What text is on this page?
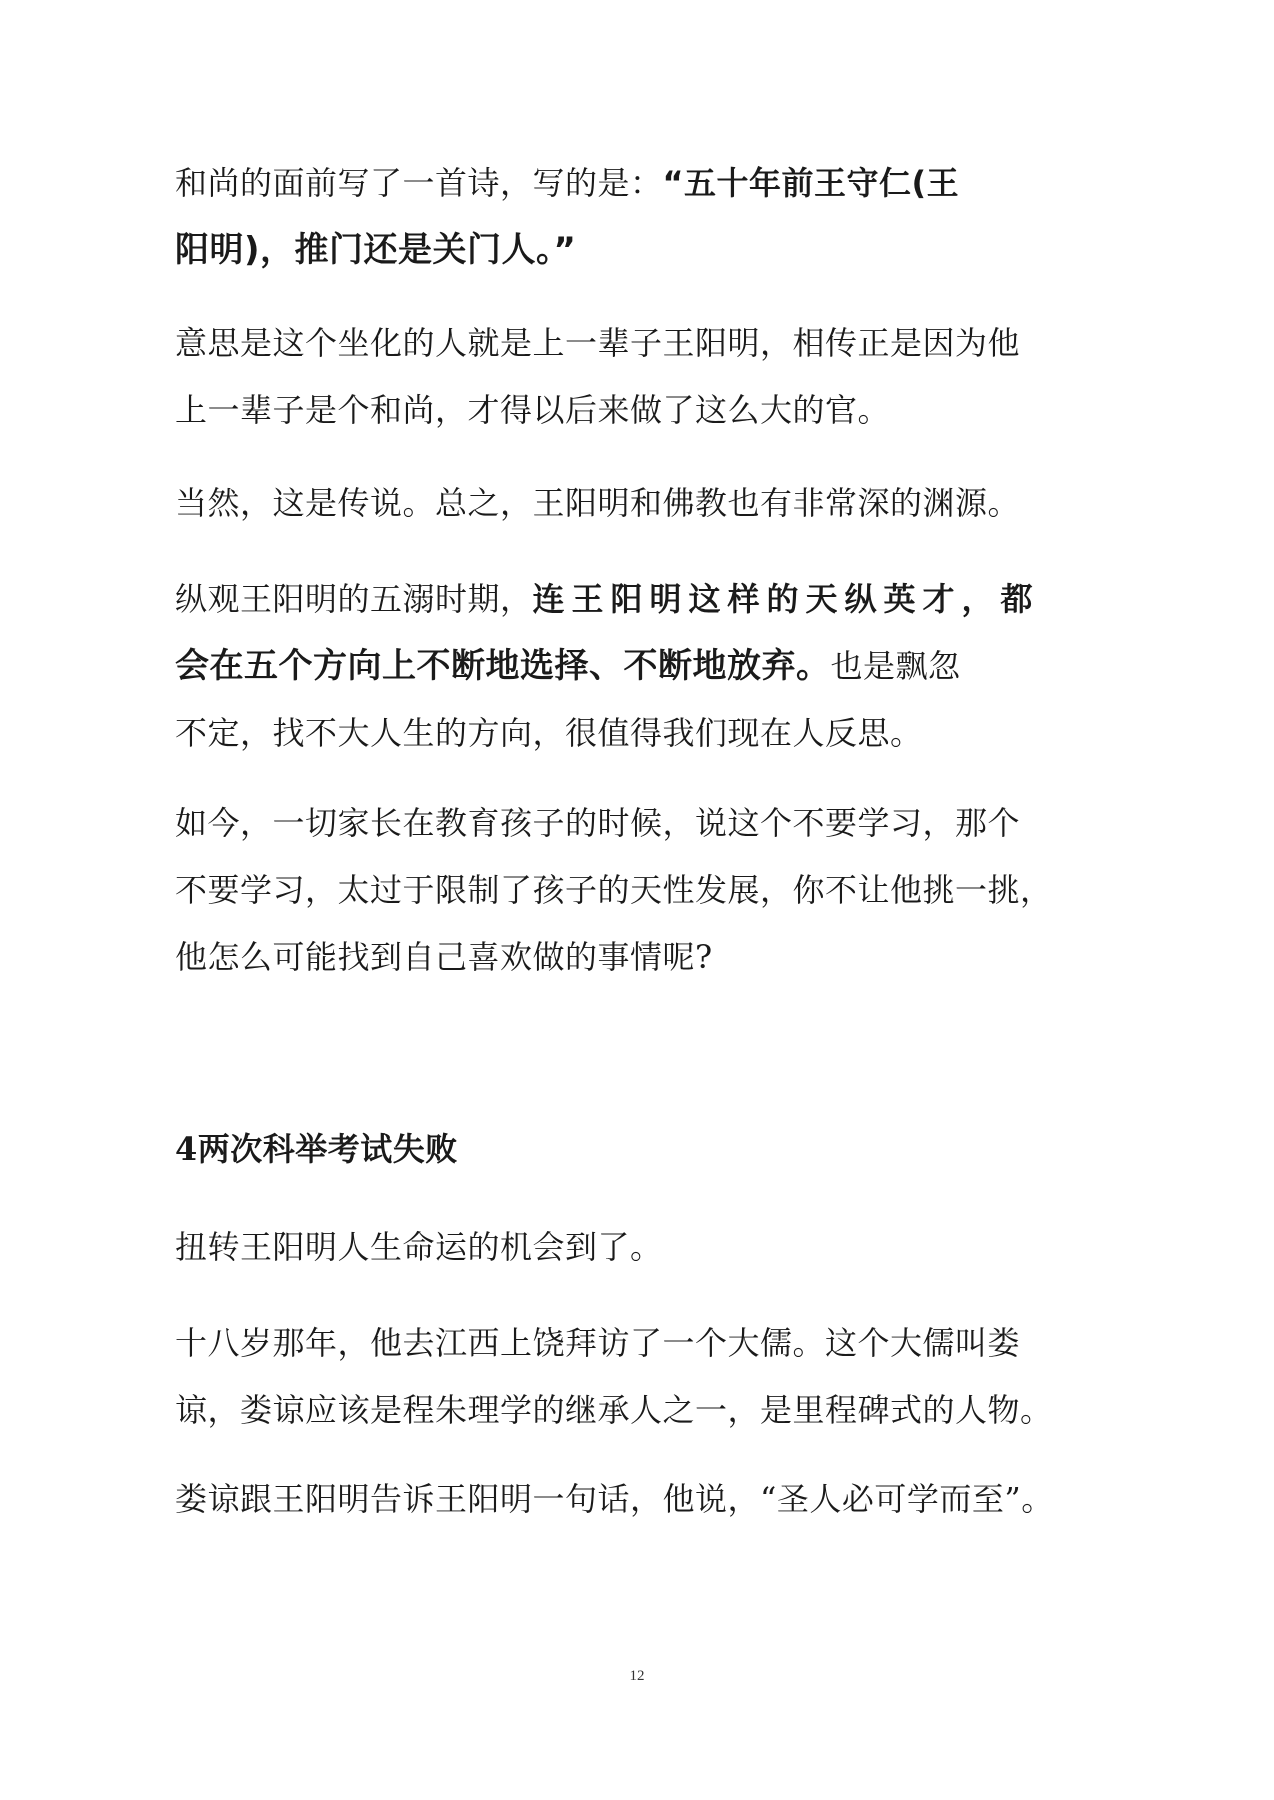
和尚的面前写了一首诗，写的是：“五十年前王守仁(王
阳明)，推门还是关门人。”
意思是这个坐化的人就是上一辈子王阳明，相传正是因为他
上一辈子是个和尚，才得以后来做了这么大的官。
当然，这是传说。总之，王阳明和佛教也有非常深的渊源。
纵观王阳明的五溺时期，连王阳明这样的天纵英才，都
会在五个方向上不断地选择、不断地放弃。也是飘忽
不定，找不大人生的方向，很值得我们现在人反思。
如今，一切家长在教育孩子的时候，说这个不要学习，那个
不要学习，太过于限制了孩子的天性发展，你不让他挑一挑，
他怎么可能找到自己喜欢做的事情呢?
4两次科举考试失败
扭转王阳明人生命运的机会到了。
十八岁那年，他去江西上饶拜访了一个大儒。这个大儒叫娄
谅，娄谅应该是程朱理学的继承人之一，是里程碑式的人物。
娄谅跟王阳明告诉王阳明一句话，他说，“圣人必可学而至”。
12
